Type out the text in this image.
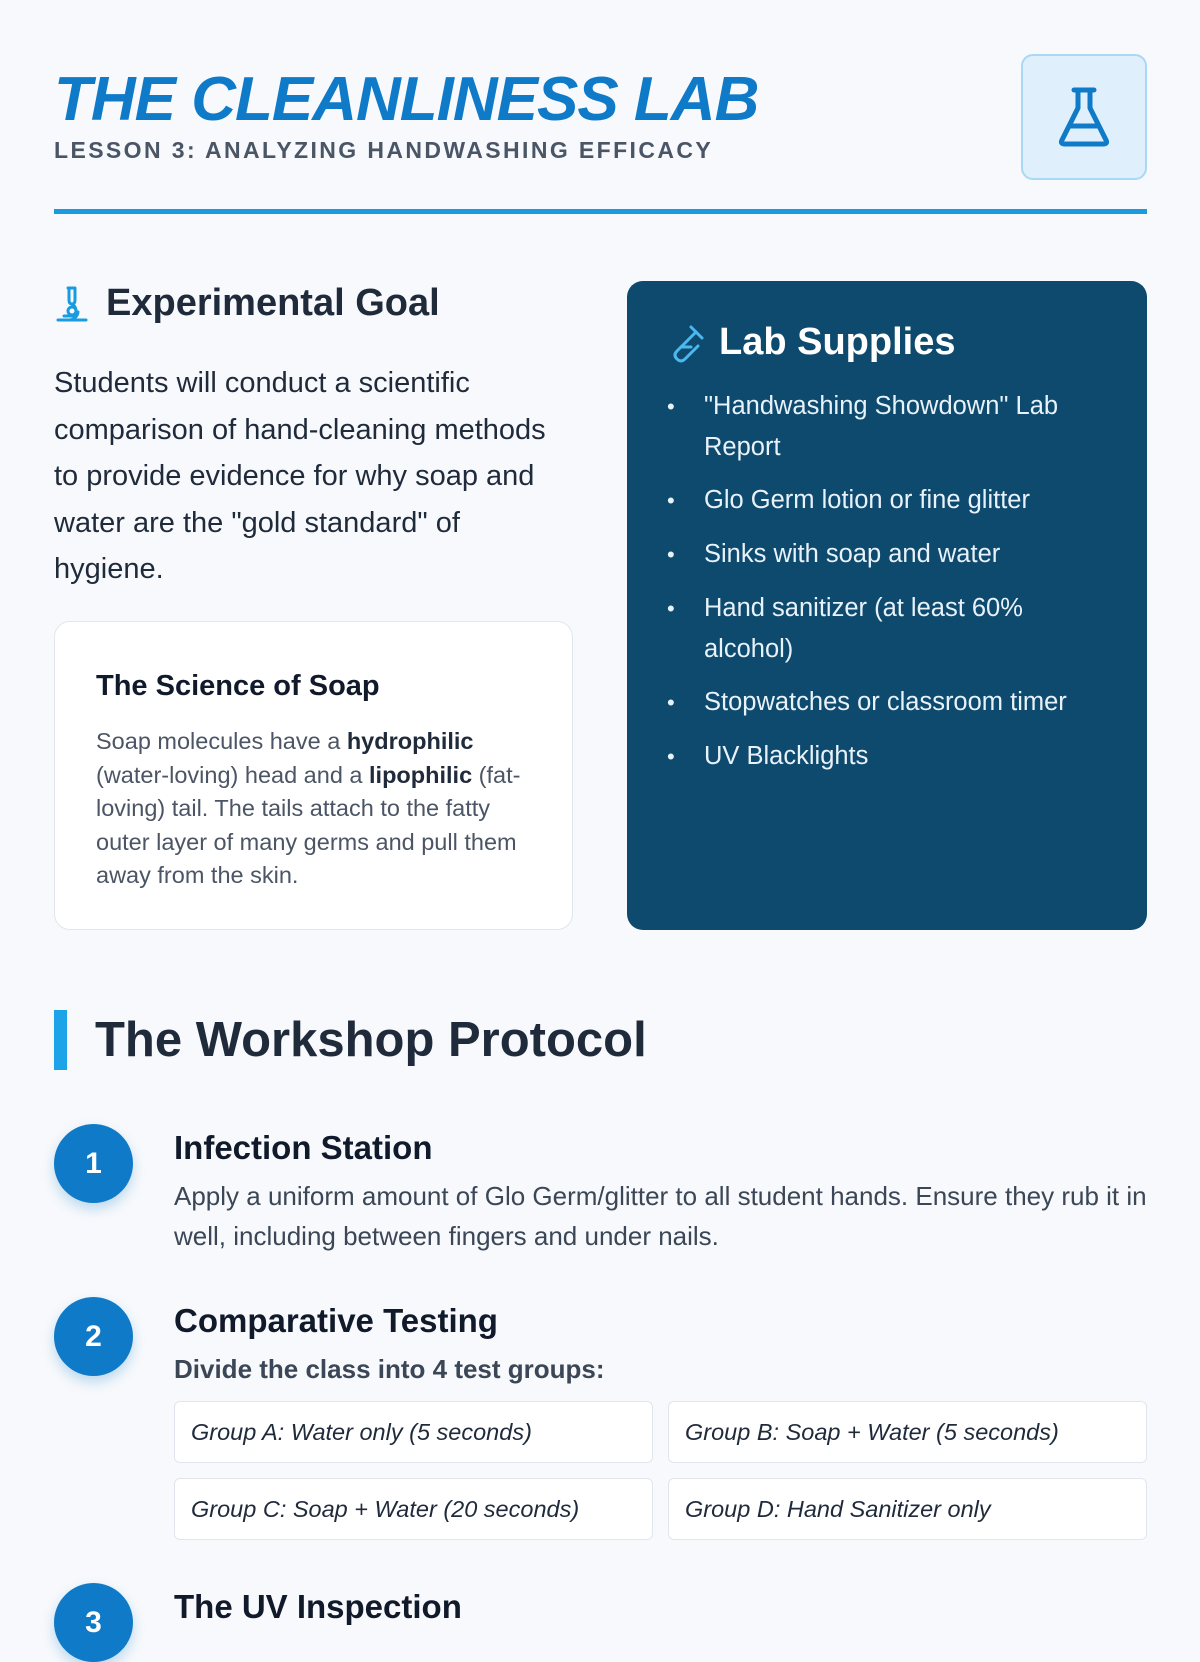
THE CLEANLINESS LAB
LESSON 3: ANALYZING HANDWASHING EFFICACY
Experimental Goal

Students will conduct a scientific comparison of hand-cleaning methods to provide evidence for why soap and water are the "gold standard" of hygiene.

The Science of Soap

Soap molecules have a hydrophilic (water-loving) head and a lipophilic (fat-loving) tail. The tails attach to the fatty outer layer of many germs and pull them away from the skin.

Lab Supplies
• "Handwashing Showdown" Lab Report
• Glo Germ lotion or fine glitter
• Sinks with soap and water
• Hand sanitizer (at least 60% alcohol)
• Stopwatches or classroom timer
• UV Blacklights
The Workshop Protocol
1	Infection Station

Apply a uniform amount of Glo Germ/glitter to all student hands. Ensure they rub it in well, including between fingers and under nails.

2	Comparative Testing

Divide the class into 4 test groups:

Group A: Water only (5 seconds)	Group B: Soap + Water (5 seconds)
Group C: Soap + Water (20 seconds)	Group D: Hand Sanitizer only
3	The UV Inspection
